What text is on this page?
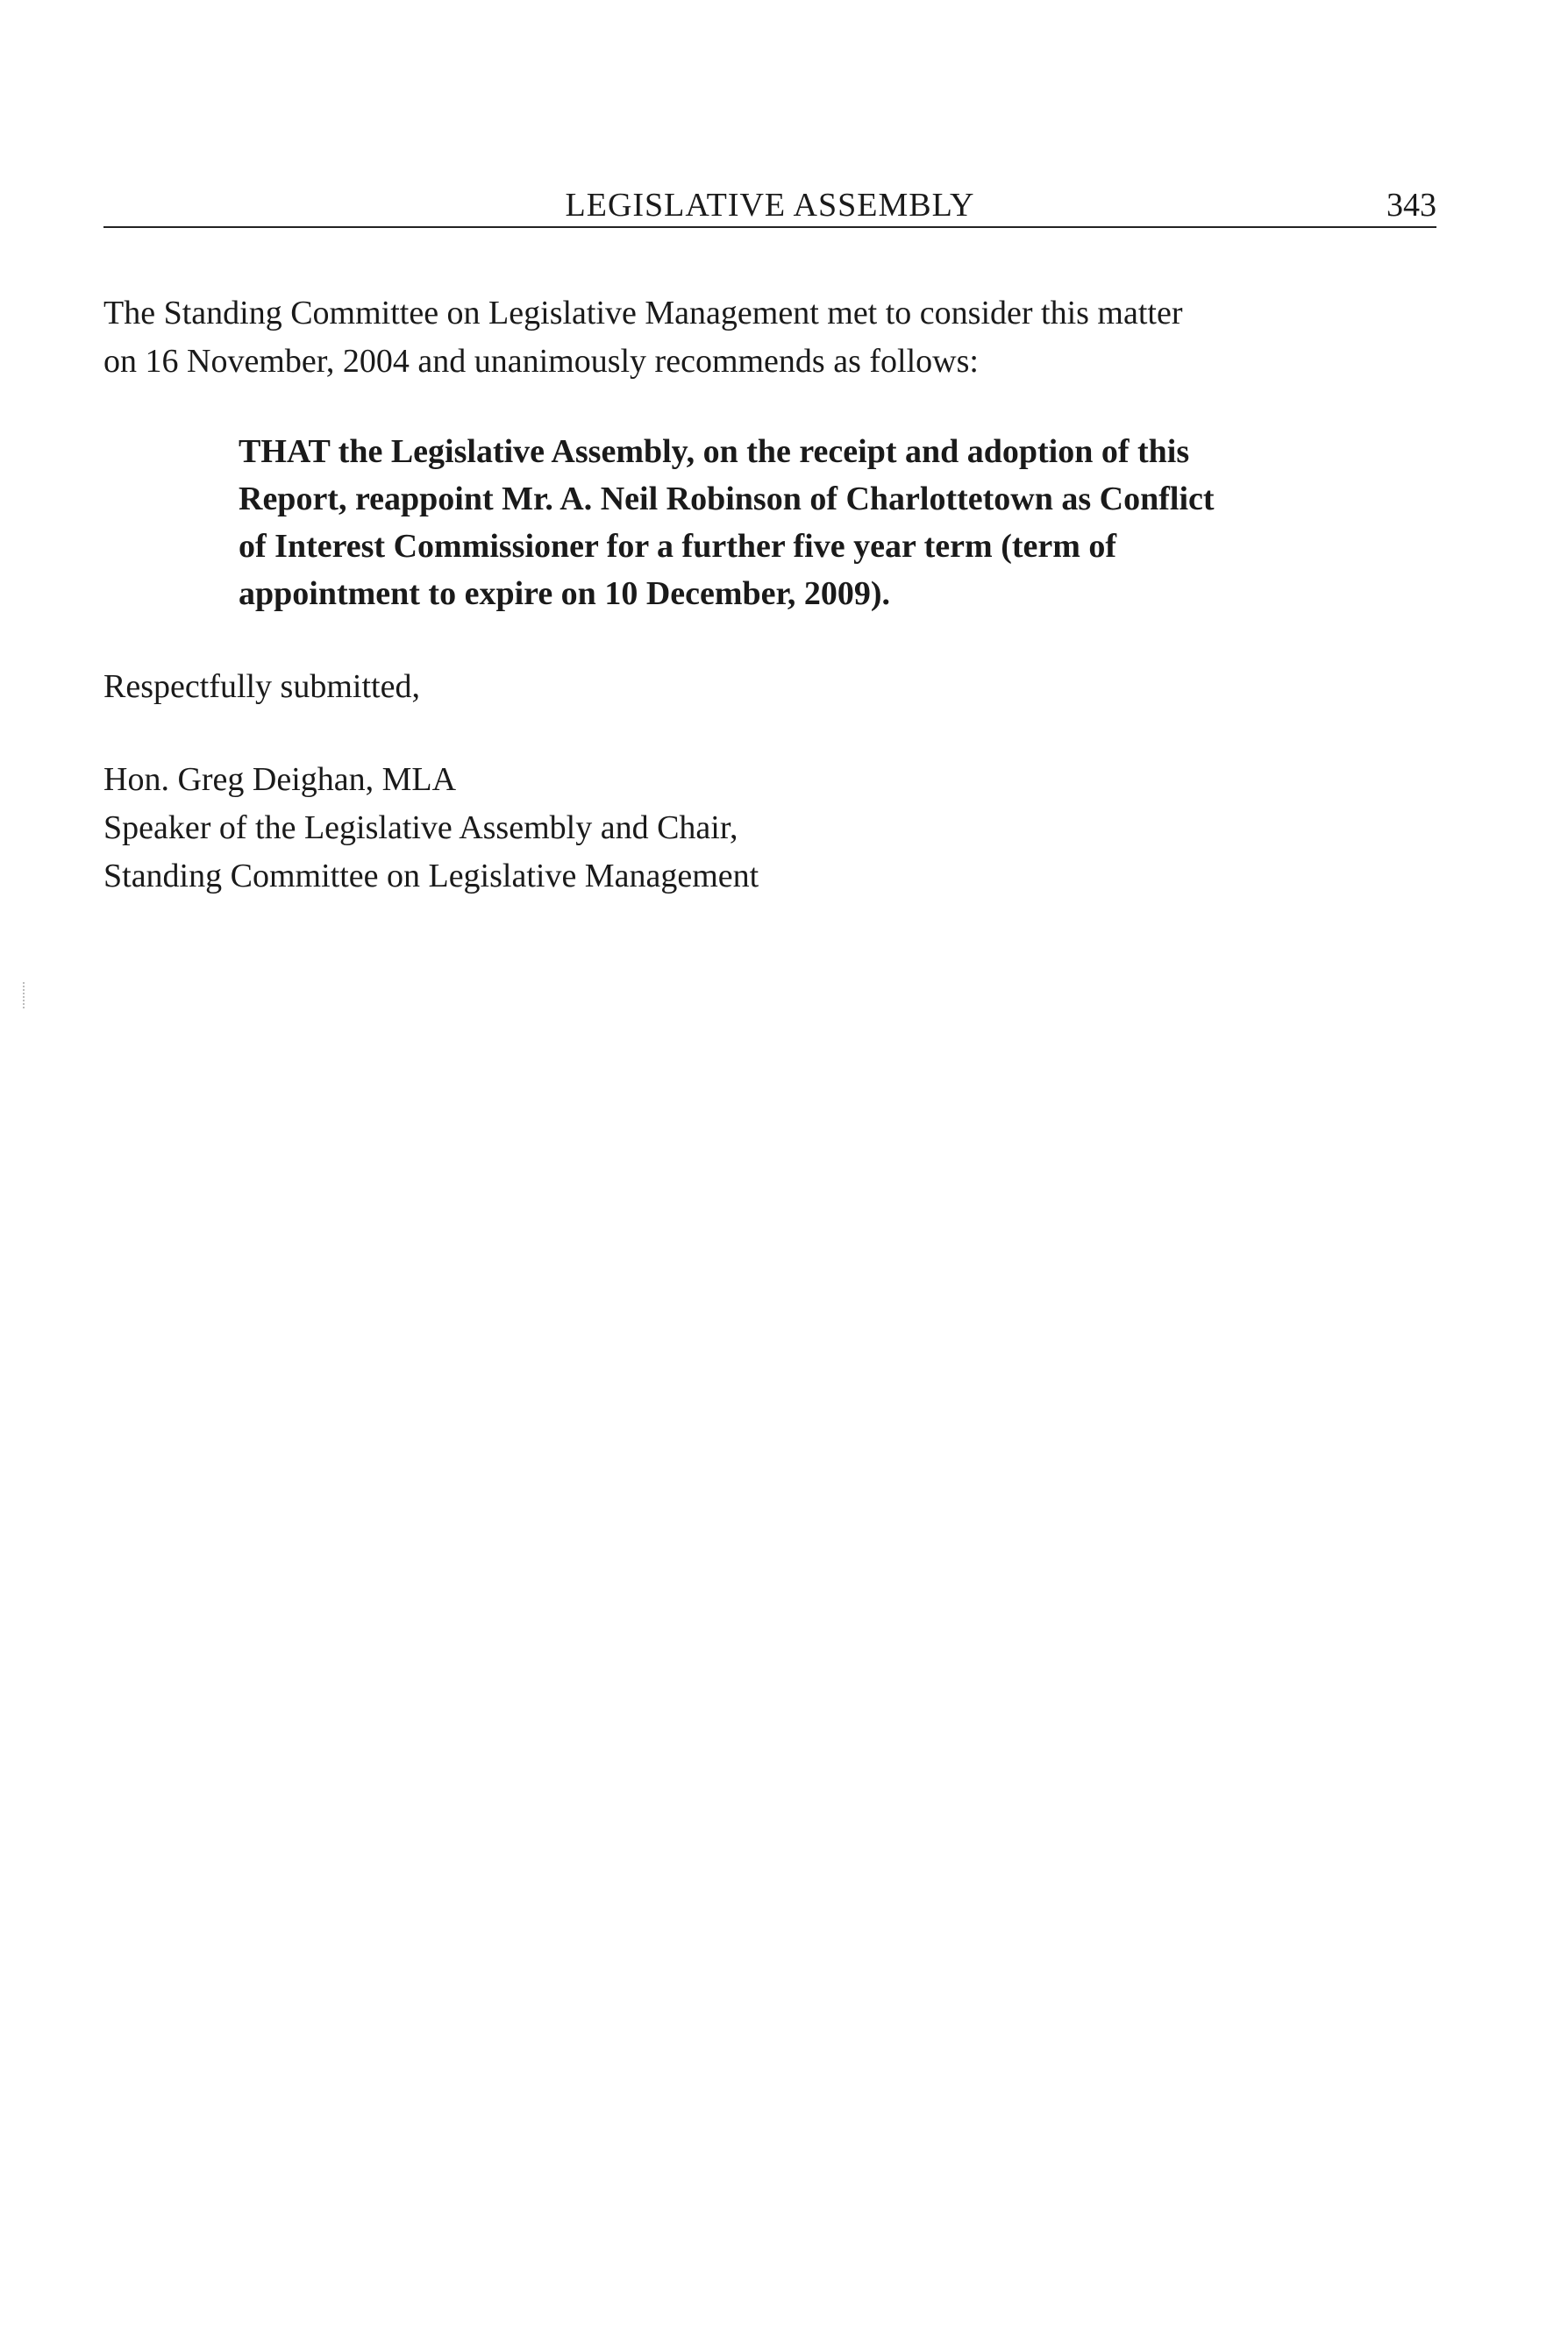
LEGISLATIVE ASSEMBLY	343
The Standing Committee on Legislative Management met to consider this matter
on 16 November, 2004 and unanimously recommends as follows:
THAT the Legislative Assembly, on the receipt and adoption of this
Report, reappoint Mr. A. Neil Robinson of Charlottetown as Conflict
of Interest Commissioner for a further five year term (term of
appointment to expire on 10 December, 2009).
Respectfully submitted,
Hon. Greg Deighan, MLA
Speaker of the Legislative Assembly and Chair,
Standing Committee on Legislative Management
